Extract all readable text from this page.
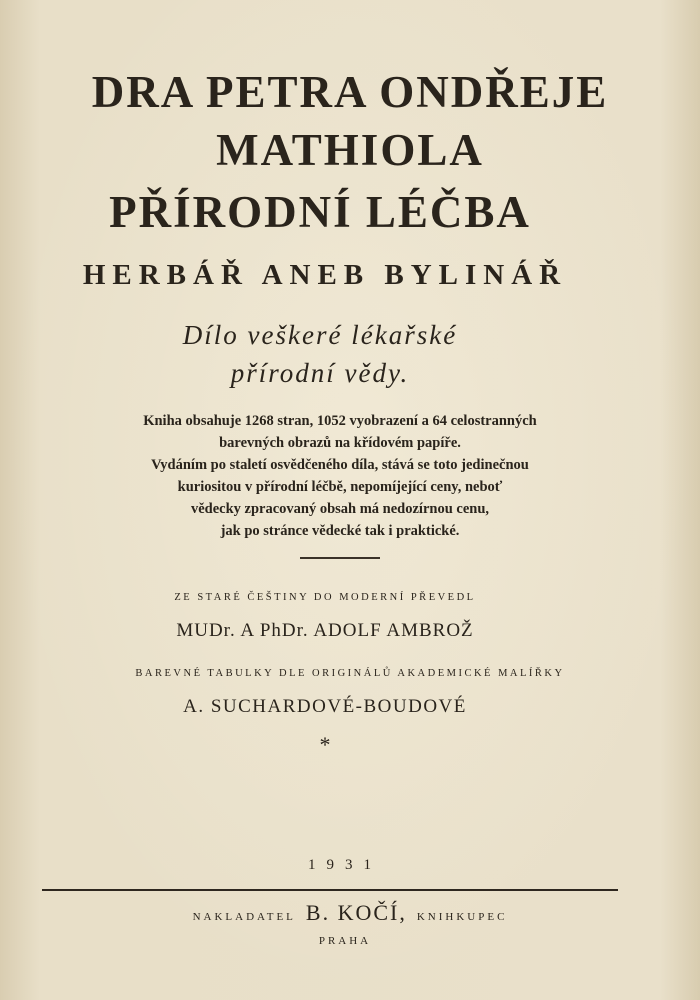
DRA PETRA ONDŘEJE
MATHIOLA
PŘÍRODNÍ LÉČBA
HERBÁŘ ANEB BYLINÁŘ
Dílo veškeré lékařské
přírodní vědy.
Kniha obsahuje 1268 stran, 1052 vyobrazení a 64 celostranných
barevných obrazů na křídovém papíře.
Vydáním po staletí osvědčeného díla, stává se toto jedinečnou
kuriositou v přírodní léčbě, nepomíjející ceny, neboť
vědecky zpracovaný obsah má nedozírnou cenu,
jak po stránce vědecké tak i praktické.
ZE STARÉ ČEŠTINY DO MODERNÍ PŘEVEDL
MUDr. A PhDr. ADOLF AMBROŽ
BAREVNÉ TABULKY DLE ORIGINÁLŮ AKADEMICKÉ MALÍŘKY
A. SUCHARDOVÉ-BOUDOVÉ
*
1931
NAKLADATEL B. KOČÍ, KNIHKUPEC
PRAHA
